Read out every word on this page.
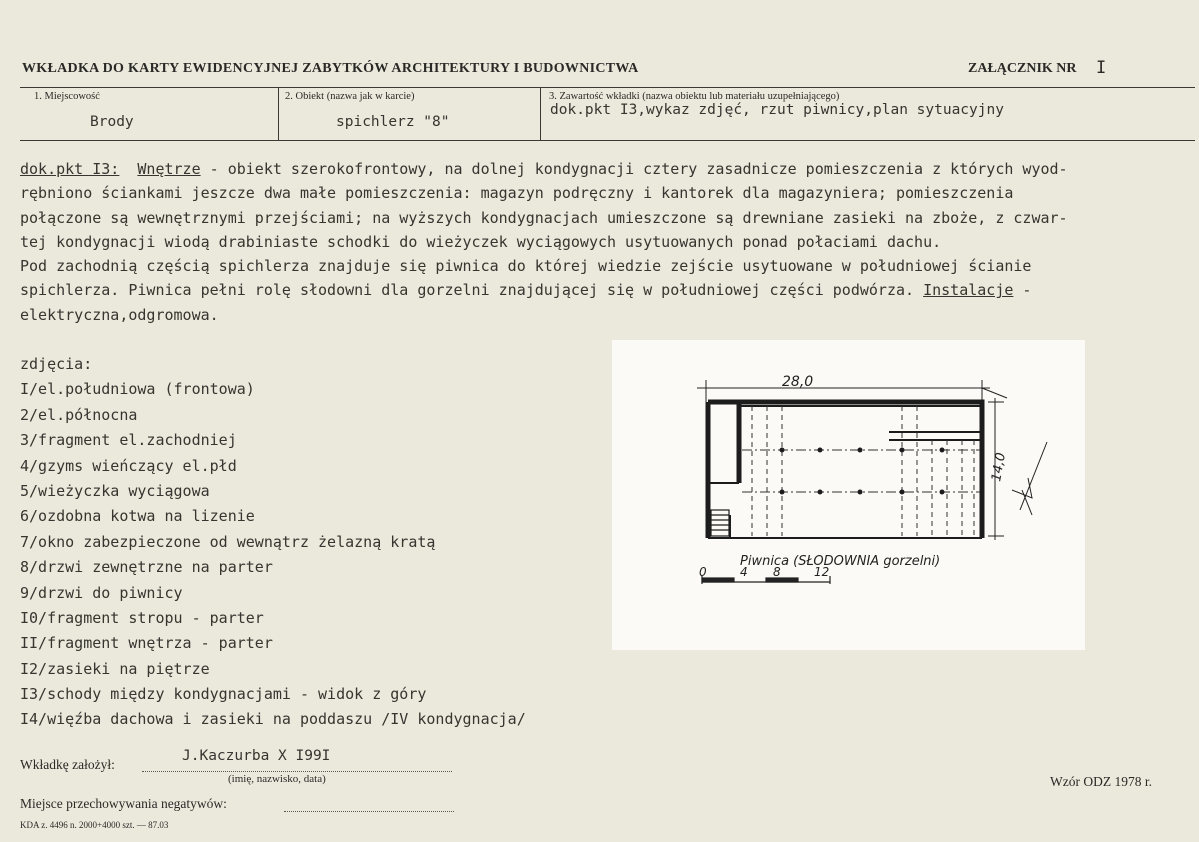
WKŁADKA DO KARTY EWIDENCYJNEJ ZABYTKÓW ARCHITEKTURY I BUDOWNICTWA	ZAŁĄCZNIK NR I
1. Miejscowość
Brody
2. Obiekt (nazwa jak w karcie)
spichlerz "8"
3. Zawartość wkładki (nazwa obiektu lub materiału uzupełniającego)
dok.pkt I3,wykaz zdjęć, rzut piwnicy,plan sytuacyjny
dok.pkt I3: Wnętrze - obiekt szerokofrontowy, na dolnej kondygnacji cztery zasadnicze pomieszczenia z których wyod-
rębniono ściankami jeszcze dwa małe pomieszczenia: magazyn podręczny i kantorek dla magazyniera; pomieszczenia
połączone są wewnętrznymi przejściami; na wyższych kondygnacjach umieszczone są drewniane zasieki na zboże, z czwar-
tej kondygnacji wiodą drabiniaste schodki do wieżyczek wyciągowych usytuowanych ponad połaciami dachu.
Pod zachodnią częścią spichlerza znajduje się piwnica do której wiedzie zejście usytuowane w południowej ścianie
spichlerza. Piwnica pełni rolę słodowni dla gorzelni znajdującej się w południowej części podwórza. Instalacje -
elektryczna,odgromowa.
zdjęcia:
I/el.południowa (frontowa)
2/el.północna
3/fragment el.zachodniej
4/gzyms wieńczący el.płd
5/wieżyczka wyciągowa
6/ozdobna kotwa na lizenie
7/okno zabezpieczone od wewnątrz żelazną kratą
8/drzwi zewnętrzne na parter
9/drzwi do piwnicy
I0/fragment stropu - parter
II/fragment wnętrza - parter
I2/zasieki na piętrze
I3/schody między kondygnacjami - widok z góry
I4/więźba dachowa i zasieki na poddaszu /IV kondygnacja/
28,0
14,0
Piwnica (SŁODOWNIA gorzelni)
0	4 8	12
Wkładkę założył:
J.Kaczurba X I99I
(imię, nazwisko, data)	Wzór ODZ 1978 r.
Miejsce przechowywania negatywów:
KDA z. 4496 n. 2000+4000 szt. — 87.03
